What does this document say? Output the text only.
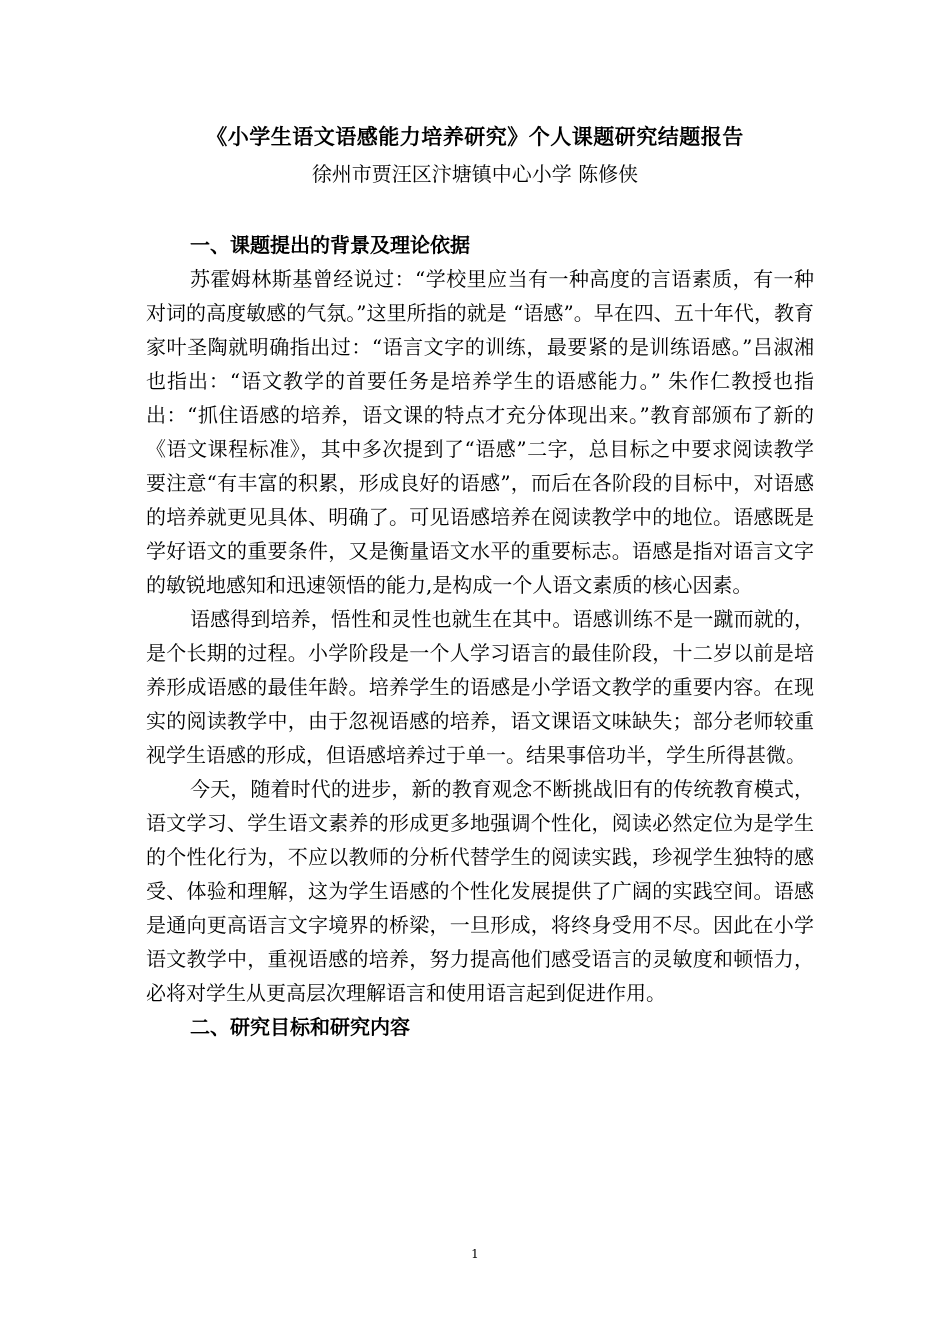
《小学生语文语感能力培养研究》个人课题研究结题报告

徐州市贾汪区汴塘镇中心小学 陈修侠

一、课题提出的背景及理论依据

苏霍姆林斯基曾经说过：“学校里应当有一种高度的言语素质，有一种对词的高度敏感的气氛。”这里所指的就是 “语感”。早在四、五十年代，教育家叶圣陶就明确指出过：“语言文字的训练，最要紧的是训练语感。”吕淑湘也指出：“语文教学的首要任务是培养学生的语感能力。” 朱作仁教授也指出：“抓住语感的培养，语文课的特点才充分体现出来。”教育部颁布了新的《语文课程标准》，其中多次提到了“语感”二字，总目标之中要求阅读教学要注意“有丰富的积累，形成良好的语感”，而后在各阶段的目标中，对语感的培养就更见具体、明确了。可见语感培养在阅读教学中的地位。语感既是学好语文的重要条件，又是衡量语文水平的重要标志。语感是指对语言文字的敏锐地感知和迅速领悟的能力,是构成一个人语文素质的核心因素。

语感得到培养，悟性和灵性也就生在其中。语感训练不是一蹴而就的，是个长期的过程。小学阶段是一个人学习语言的最佳阶段，十二岁以前是培养形成语感的最佳年龄。培养学生的语感是小学语文教学的重要内容。在现实的阅读教学中，由于忽视语感的培养，语文课语文味缺失；部分老师较重视学生语感的形成，但语感培养过于单一。结果事倍功半，学生所得甚微。

今天，随着时代的进步，新的教育观念不断挑战旧有的传统教育模式，语文学习、学生语文素养的形成更多地强调个性化，阅读必然定位为是学生的个性化行为，不应以教师的分析代替学生的阅读实践，珍视学生独特的感受、体验和理解，这为学生语感的个性化发展提供了广阔的实践空间。语感是通向更高语言文字境界的桥梁，一旦形成，将终身受用不尽。因此在小学语文教学中，重视语感的培养，努力提高他们感受语言的灵敏度和顿悟力，必将对学生从更高层次理解语言和使用语言起到促进作用。

二、研究目标和研究内容

1
